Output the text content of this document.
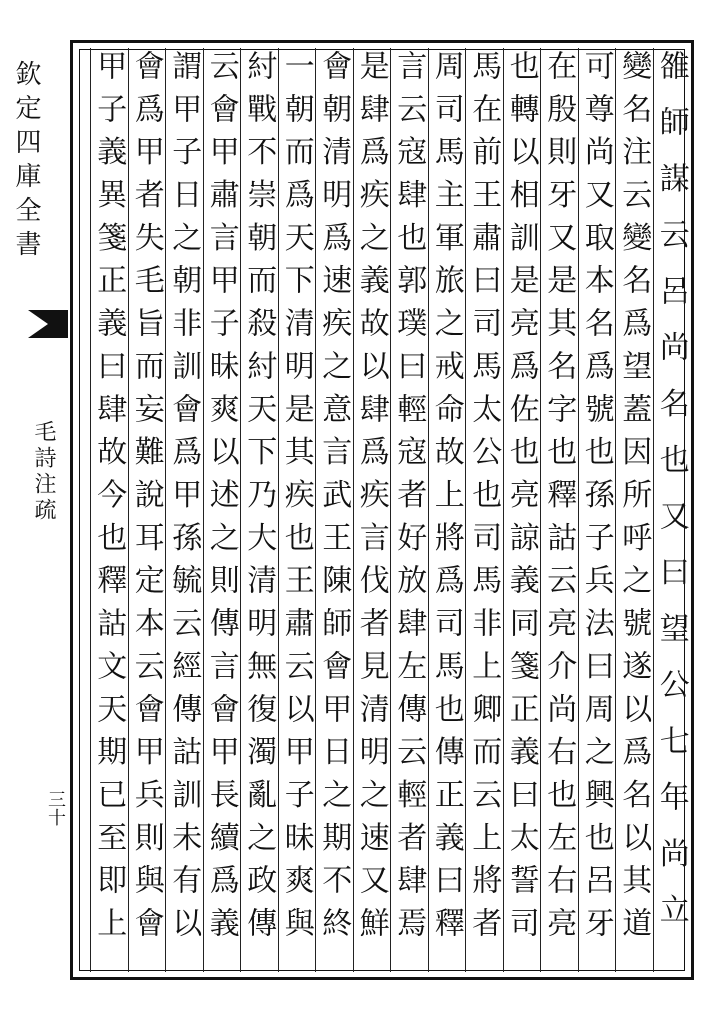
欽定四庫全書
毛詩注疏
三十	雒師謀云呂尚名也又曰望公七年尚立
變名注云變名爲望蓋因所呼之號遂以爲名以其道
可尊尚又取本名爲號也孫子兵法曰周之興也呂牙
在殷則牙又是其名字也釋詁云亮介尚右也左右亮
也轉以相訓是亮爲佐也亮諒義同箋正義曰太誓司
馬在前王肅曰司馬太公也司馬非上卿而云上將者
周司馬主軍旅之戒命故上將爲司馬也傳正義曰釋
言云寇肆也郭璞曰輕寇者好放肆左傳云輕者肆焉
是肆爲疾之義故以肆爲疾言伐者見清明之速又鮮
會朝清明爲速疾之意言武王陳師會甲日之期不終
一朝而爲天下清明是其疾也王肅云以甲子昧爽與
紂戰不崇朝而殺紂天下乃大清明無復濁亂之政傳
云會甲肅言甲子昧爽以述之則傳言會甲長續爲義
謂甲子日之朝非訓會爲甲孫毓云經傳詁訓未有以
會爲甲者失毛旨而妄難說耳定本云會甲兵則與會
甲子義異箋正義曰肆故今也釋詁文天期已至即上
